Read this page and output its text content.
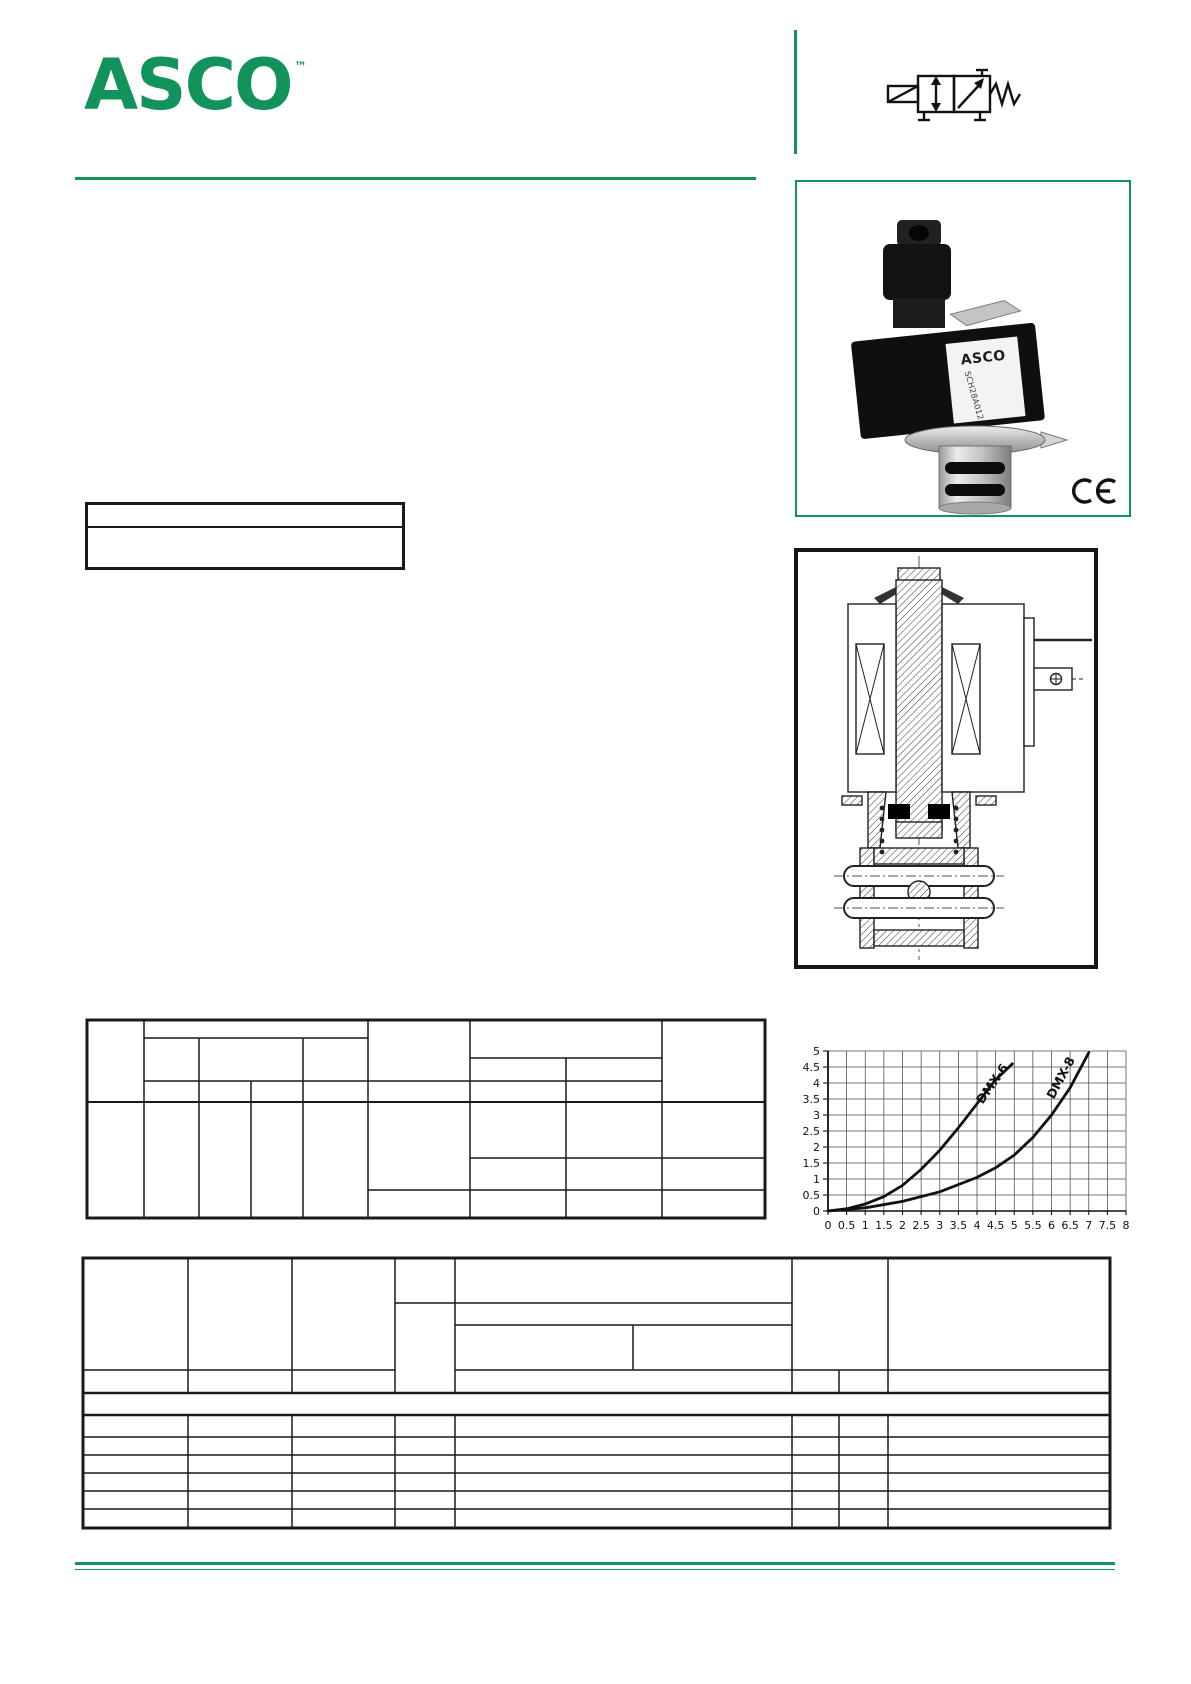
ASCO ™
ASCO
SCH28A012
0
0.5
1
1.5
2
2.5
3
3.5
4
4.5
5
0 0.5 1 1.5 2 2.5 3 3.5 4 4.5 5 5.5 6 6.5 7 7.5 8
DMX-6	DMX-8
